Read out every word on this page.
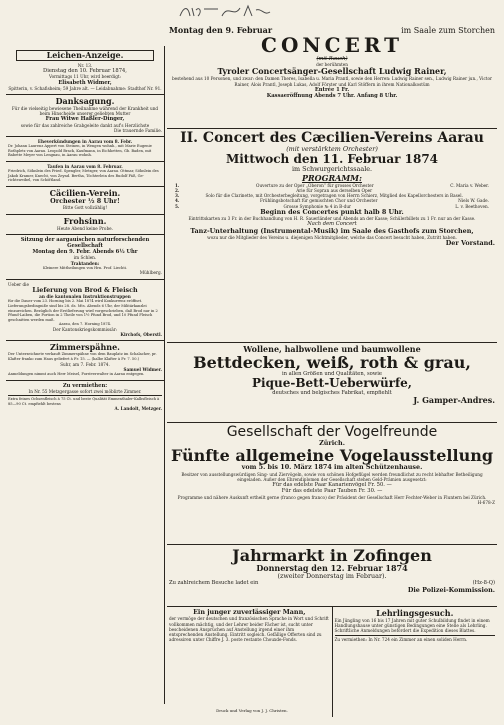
Leichen-Anzeige.
Nr. 13.
Dienstag den 10. Februar 1874,
Vormittags 11 Uhr, wird beerdigt:
Elisabeth Widmer,
Spitterin, v. Schafisheim; 59 Jahre alt. — Leidabnahme: Stadthof Nr. 91.
Danksagung.
Für die vielseitig bewiesene Theilnahme während der Krankheit und beim Hinscheide unserer geliebten Mutter
Frau Witwe Haßler-Dinger,
sowie für das zahlreiche Grabgeleite dankt auf's Herzlichste
Die trauernde Familie.
Eheverkündungen in Aarau vom 8. Febr.
Dr. Johann Laurenz Appert von Steinen, in Wengen wohnh., mit Marie Eugenie Rothpletz von Aarau. Leopold Brack, Kaufmann, in Eichhetten, Gb. Baden, mit Babette Meyer von Lengnau, in Aarau wohnh.
Taufen in Aarau vom 8. Februar.
Friedrich, Söhnlein des Fried. Spengler, Metzger, von Aarau. Ottmar, Söhnlein des Jakob Kramer, Knecht, von Zeynd. Bertha, Töchterlein des Rudolf Fäß, Gerichtsweibel, von Schöftland.
Cäcilien-Verein.
Orchester ½ 8 Uhr!
Bitte Gott vollzählig!
Frohsinn.
Heute Abend keine Probe.
Sitzung der aargauischen naturforschenden Gesellschaft
Montag den 9. Febr. Abends 6½ Uhr
im Schlen.
Traktanden:
Kleinere Mittheilungen von Hrn. Prof. Liechti.
Mühlberg.
Ueber die
Lieferung von Brod & Fleisch
an die kantonalen Instruktionstruppen
für die Dauer vom 23. Horning bis 2. Mai 1874 wird Konkurrenz eröffnet. Lieferungsbedingniße sind bis 28. ds. Mts. Abends 6 Uhr, der Militärkanzlei einzureichen. Bezüglich der Erstlieferung wird vorgeschrieben, daß Brod nur in 2 Pfund-Laiben, die Portion in 2 Theile von 1½ Pfund Brod, und 10 Pfund Fleisch geschnitten werden muß.
Aarau, den 7. Horning 1874.
Der Kantonskriegskommissär:
Kirchofs, Oberstl.
Zimmerspähne.
Der Unterzeichnete verkauft Zimmerspähne von dem Bauplatz im Schalacher, pr. Klafter franko zum Haus geliefert à Fr. 15. — (halbe Klafter à Fr. 7. 50.)
Suhr, am 7. Febr. 1874.
Samuel Widmer.
Anmeldungen nimmt auch Herr Meisel, Forstverwalter in Aarau entgegen.
Zu vermiethen:
In Nr. 55 Metzgergasse sofort zwei möblirte Zimmer.
Extra feines Ochsenfleisch à 75 Ct. und beste Qualität Emmenthaler-Kalbsfleisch à 85—90 Ct. empfiehlt bestens
A. Landolt, Metzger.
Montag den 9. Februar	im Saale zum Storchen
CONCERT
(mit Rauch)
der berühmten
Tyroler Concertsänger-Gesellschaft Ludwig Rainer,
bestehend aus 10 Personen, und zwar: den Damen Theres, Isabella u. Maria Prantl, sowie den Herren: Ludwig Rainer sen., Ludwig Rainer jun., Victor Rainer, Alois Prantl, Joseph Lukas, Adolf Förster und Karl Stöffern in ihrem Nationalkostüm
Entrée 1 Fr.
Kassaeröffnung Abends 7 Uhr. Anfang 8 Uhr.
II. Concert des Cæcilien-Vereins Aarau
(mit verstärktem Orchester)
Mittwoch den 11. Februar 1874
im Schwurgerichtssaale.
PROGRAMM:
1.	Ouverture zu der Oper „Oberon“ für grosses Orchester	C. Maria v. Weber.
2.	Arie für Sopran aus derselben Oper
3.	Solo für die Clarinette, mit Orchesterbegleitung, vorgetragen von Herrn Schierz, Mitglied des Kapellorchesters in Basel.
4.	Frühlingsbotschaft für gemischten Chor und Orchester	Niels W. Gade.
5.	Grosse Symphonie № 4 in B-dur	L. v. Beethoven.
Beginn des Concertes punkt halb 8 Uhr.
Eintrittskarten zu 3 Fr. in der Buchhandlung von H. R. Sauerländer und Abends an der Kasse; Schülerbillets zu 1 Fr. nur an der Kasse.
Nach dem Concert
Tanz-Unterhaltung (Instrumental-Musik) im Saale des Gasthofs zum Storchen,
wozu nur die Mitglieder des Vereins u. diejenigen Nichtmitglieder, welche das Concert besucht haben, Zutritt haben.
Der Vorstand.
Wollene, halbwollene und baumwollene
Bettdecken, weiß, roth & grau,
in allen Größen und Qualitäten, sowie
Pique-Bett-Ueberwürfe,
deutsches und belgisches Fabrikat, empfiehlt
J. Gamper-Andres.
Gesellschaft der Vogelfreunde
Zürich.
Fünfte allgemeine Vogelausstellung
vom 5. bis 10. März 1874 im alten Schützenhause.
Besitzer von ausstellungswürdigen Sing- und Ziervögeln, sowie von schönen Hofgeflügel werden freundlichst zu recht lebhafter Betheiligung eingeladen. Außer den Ehrendiplomen der Gesellschaft stehen Geld-Prämien ausgesetzt:
Für das edelste Paar Kanarienvögel Fr. 50. —
Für das edelste Paar Tauben Fr. 30. —
Programme und nähere Auskunft ertheilt gerne (franco gegen franco) der Präsident der Gesellschaft Herr Fechter-Weber in Fluntern bei Zürich.
H-678-Z
Jahrmarkt in Zofingen
Donnerstag den 12. Februar 1874
(zweiter Donnerstag im Februar).
Zu zahlreichem Besuche ladet ein	(Hz-8-Q)
Die Polizei-Kommission.
Ein junger zuverlässiger Mann,
der vermöge der deutschen und französischen Sprache in Wort und Schrift vollkommen mächtig, und der Lehrer beider Fächer ist, sucht unter bescheidenen Ansprüchen auf Anstellung irgend einer ihm entsprechenden Anstellung. Eintritt sogleich. Gefällige Offerten sind zu adressiren unter Chiffre J. 3. poste restante Chouxde-Fonds.
Lehrlingsgesuch.
Ein Jüngling von 16 bis 17 Jahren mit guter Schulbildung findet in einem Handlungshause unter günstigen Bedingungen eine Stelle als Lehrling. Schriftliche Anmeldungen befördert die Expedition dieses Blattes.
Zu vermiethen: In Nr. 724 ein Zimmer an einen soliden Herrn.
Druck und Verlag von J. J. Christen.
